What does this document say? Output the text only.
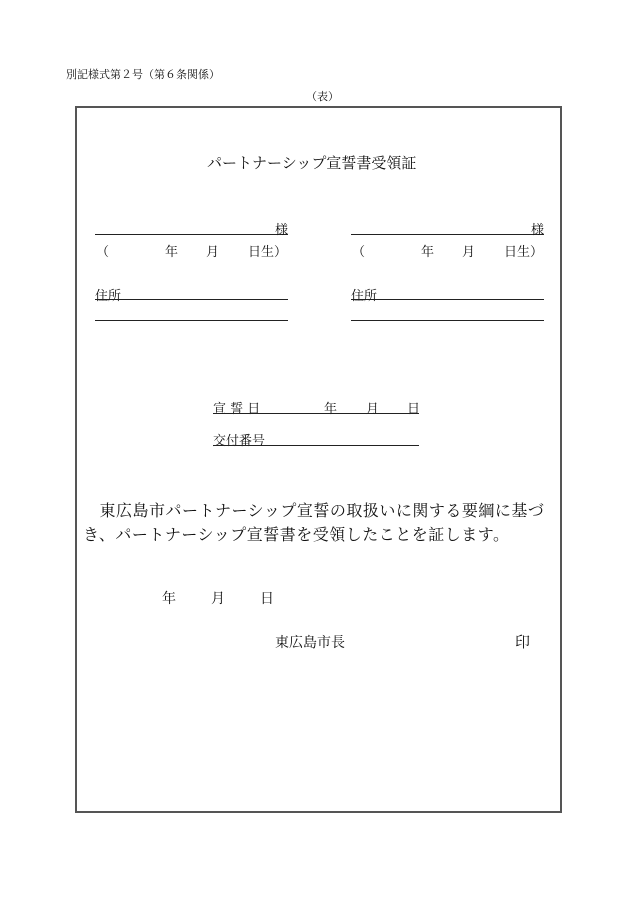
別記様式第２号（第６条関係）
（表）
パートナーシップ宣誓書受領証
様
（	年 月 日生）
住所
様
（	年 月 日生）
住所
宣 誓 日	年 月 日
交付番号
　東広島市パートナーシップ宣誓の取扱いに関する要綱に基づき、パートナーシップ宣誓書を受領したことを証します。
年	月	日
東広島市長	印
